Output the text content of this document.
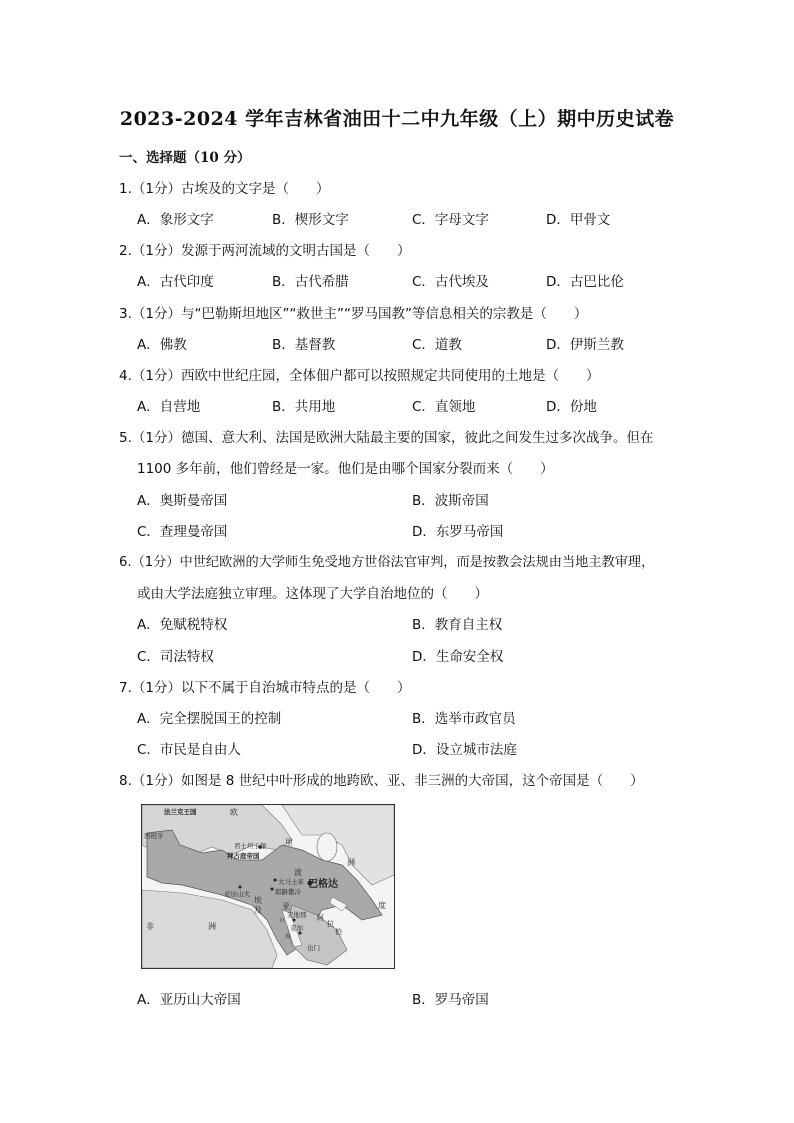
2023-2024 学年吉林省油田十二中九年级（上）期中历史试卷
一、选择题（10 分）
1.（1分）古埃及的文字是（　　）
A．象形文字	B．楔形文字	C．字母文字	D．甲骨文
2.（1分）发源于两河流域的文明古国是（　　）
A．古代印度	B．古代希腊	C．古代埃及	D．古巴比伦
3.（1分）与“巴勒斯坦地区”“救世主”“罗马国教”等信息相关的宗教是（　　）
A．佛教	B．基督教	C．道教	D．伊斯兰教
4.（1分）西欧中世纪庄园，全体佃户都可以按照规定共同使用的土地是（　　）
A．自营地	B．共用地	C．直领地	D．份地
5.（1分）德国、意大利、法国是欧洲大陆最主要的国家，彼此之间发生过多次战争。但在
1100 多年前，他们曾经是一家。他们是由哪个国家分裂而来（　　）
A．奥斯曼帝国	B．波斯帝国
C．查理曼帝国	D．东罗马帝国
6.（1分）中世纪欧洲的大学师生免受地方世俗法官审判，而是按教会法规由当地主教审理，
或由大学法庭独立审理。这体现了大学自治地位的（　　）
A．免赋税特权	B．教育自主权
C．司法特权	D．生命安全权
7.（1分）以下不属于自治城市特点的是（　　）
A．完全摆脱国王的控制	B．选举市政官员
C．市民是自由人	D．设立城市法庭
8.（1分）如图是 8 世纪中叶形成的地跨欧、亚、非三洲的大帝国，这个帝国是（　　）
法兰克王国	欧
西班牙
君士坦丁堡
拜占庭帝国
里
洲
波
巴格达
亚历山大
大马士革
耶路撒冷
埃
及
非	洲	麦加
亚
麦地那
红
海
也门
阿
拉
伯
度
A．亚历山大帝国	B．罗马帝国
